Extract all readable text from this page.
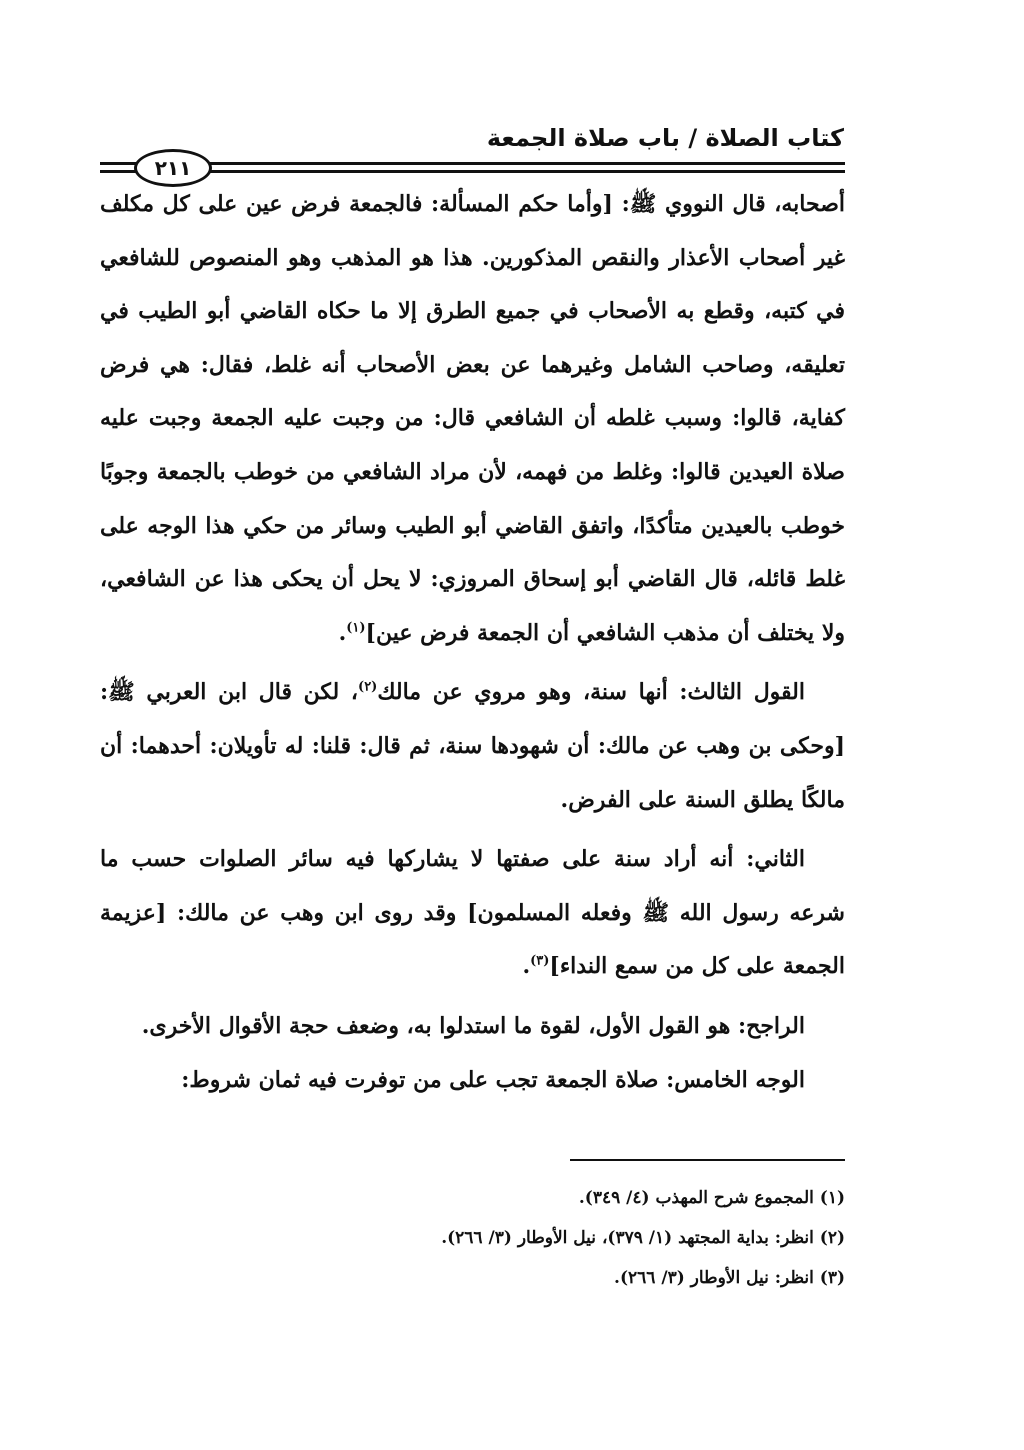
كتاب الصلاة / باب صلاة الجمعة
٢١١

أصحابه، قال النووي ﷺ: [وأما حكم المسألة: فالجمعة فرض عين على كل مكلف غير أصحاب الأعذار والنقص المذكورين. هذا هو المذهب وهو المنصوص للشافعي في كتبه، وقطع به الأصحاب في جميع الطرق إلا ما حكاه القاضي أبو الطيب في تعليقه، وصاحب الشامل وغيرهما عن بعض الأصحاب أنه غلط، فقال: هي فرض كفاية، قالوا: وسبب غلطه أن الشافعي قال: من وجبت عليه الجمعة وجبت عليه صلاة العيدين قالوا: وغلط من فهمه، لأن مراد الشافعي من خوطب بالجمعة وجوبًا خوطب بالعيدين متأكدًا، واتفق القاضي أبو الطيب وسائر من حكي هذا الوجه على غلط قائله، قال القاضي أبو إسحاق المروزي: لا يحل أن يحكى هذا عن الشافعي، ولا يختلف أن مذهب الشافعي أن الجمعة فرض عين]$^{(١)}$.

القول الثالث: أنها سنة، وهو مروي عن مالك$^{(٢)}$، لكن قال ابن العربي ﷺ: [وحكى بن وهب عن مالك: أن شهودها سنة، ثم قال: قلنا: له تأويلان: أحدهما: أن مالكًا يطلق السنة على الفرض.

الثاني: أنه أراد سنة على صفتها لا يشاركها فيه سائر الصلوات حسب ما شرعه رسول الله ﷺ وفعله المسلمون] وقد روى ابن وهب عن مالك: [عزيمة الجمعة على كل من سمع النداء]$^{(٣)}$.

الراجح: هو القول الأول، لقوة ما استدلوا به، وضعف حجة الأقوال الأخرى.

الوجه الخامس: صلاة الجمعة تجب على من توفرت فيه ثمان شروط:

(١) المجموع شرح المهذب (٤/ ٣٤٩).

(٢) انظر: بداية المجتهد (١/ ٣٧٩)، نيل الأوطار (٣/ ٢٦٦).

(٣) انظر: نيل الأوطار (٣/ ٢٦٦).
